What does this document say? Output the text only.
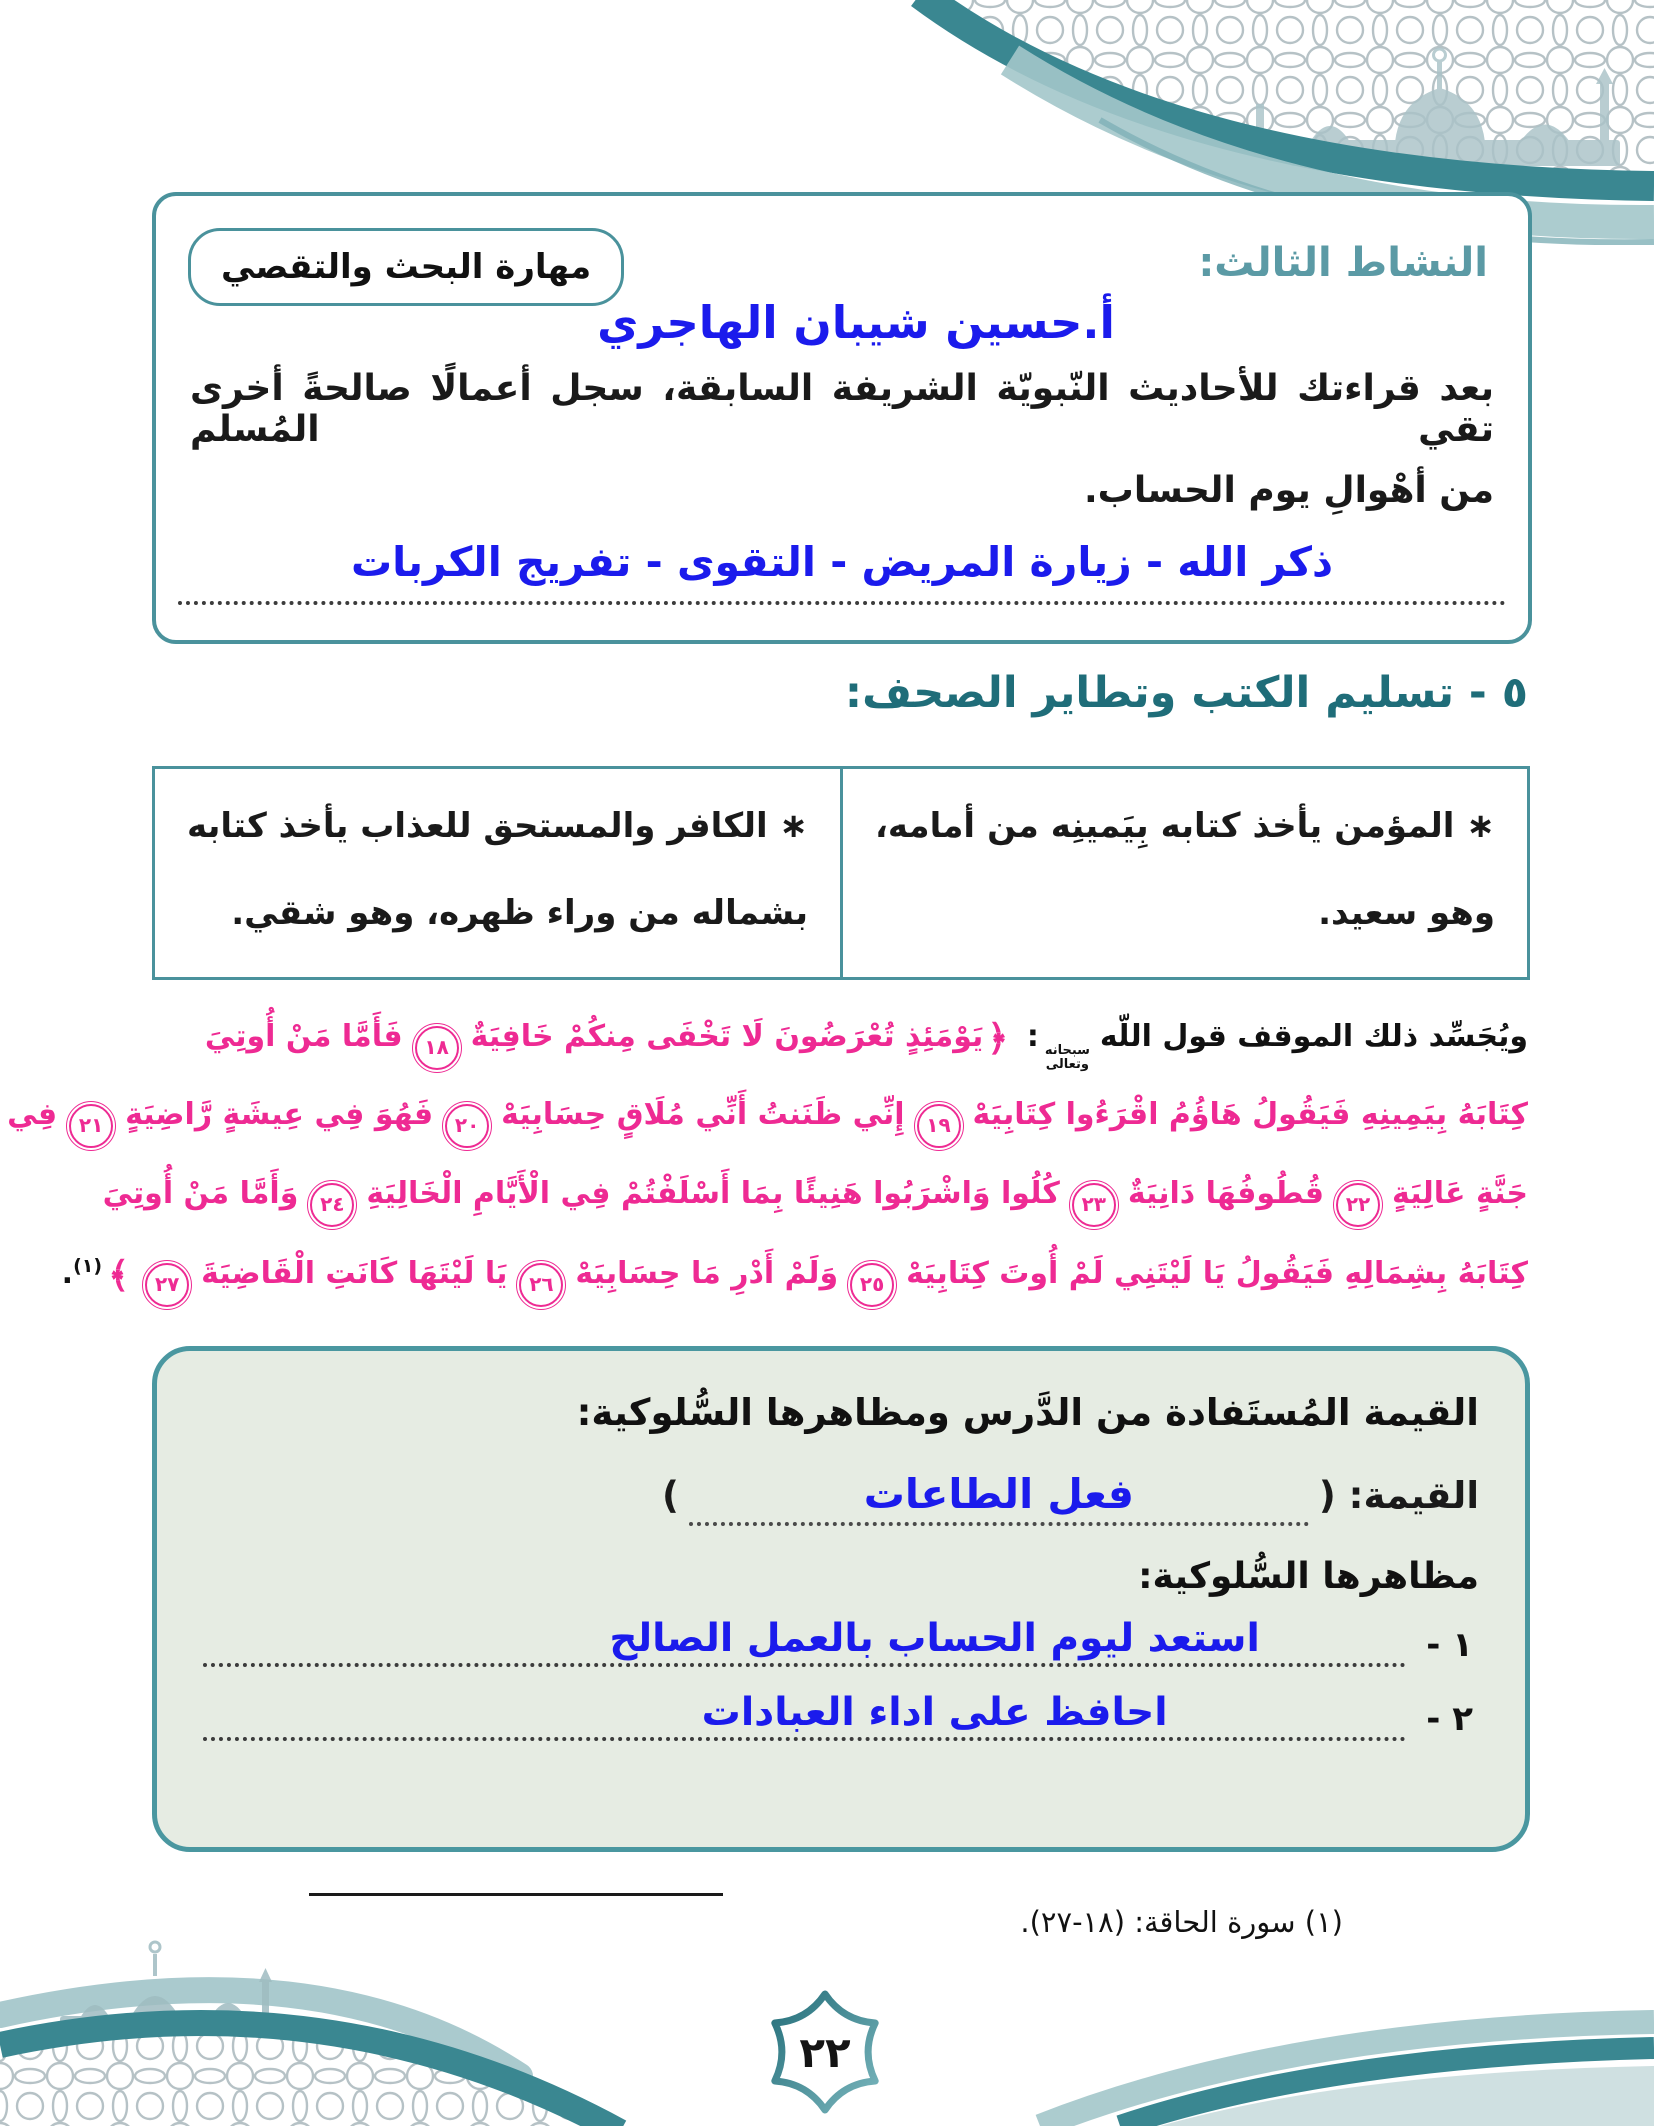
النشاط الثالث:
أ.حسين شيبان الهاجري
مهارة البحث والتقصي
بعد قراءتك للأحاديث النّبويّة الشريفة السابقة، سجل أعمالًا صالحةً أخرى تقي المُسلم
من أهْوالِ يوم الحساب.
ذكر الله - زيارة المريض - التقوى - تفريج الكربات
٥ - تسليم الكتب وتطاير الصحف:
∗ المؤمن يأخذ كتابه بِيَمينِه من أمامه، وهو سعيد.
∗ الكافر والمستحق للعذاب يأخذ كتابه بشماله من وراء ظهره، وهو شقي.
ويُجَسِّد ذلك الموقف قول اللّه
سبحانه
وتعالى
: ﴿يَوْمَئِذٍ تُعْرَضُونَ لَا تَخْفَى مِنكُمْ خَافِيَةٌ١٨فَأَمَّا مَنْ أُوتِيَ
كِتَابَهُ بِيَمِينِهِ فَيَقُولُ هَاؤُمُ اقْرَءُوا كِتَابِيَهْ١٩إِنِّي ظَنَنتُ أَنِّي مُلَاقٍ حِسَابِيَهْ٢٠فَهُوَ فِي عِيشَةٍ رَّاضِيَةٍ٢١فِي
جَنَّةٍ عَالِيَةٍ٢٢قُطُوفُهَا دَانِيَةٌ٢٣كُلُوا وَاشْرَبُوا هَنِيئًا بِمَا أَسْلَفْتُمْ فِي الْأَيَّامِ الْخَالِيَةِ٢٤وَأَمَّا مَنْ أُوتِيَ
كِتَابَهُ بِشِمَالِهِ فَيَقُولُ يَا لَيْتَنِي لَمْ أُوتَ كِتَابِيَهْ٢٥وَلَمْ أَدْرِ مَا حِسَابِيَهْ٢٦يَا لَيْتَهَا كَانَتِ الْقَاضِيَةَ٢٧﴾$^{(١)}$.
القيمة المُستَفادة من الدَّرس ومظاهرها السُّلوكية:
القيمة: (فعل الطاعات)
مظاهرها السُّلوكية:
١ -
استعد ليوم الحساب بالعمل الصالح
٢ -
احافظ على اداء العبادات
(١) سورة الحاقة: (١٨-٢٧).
٢٢
